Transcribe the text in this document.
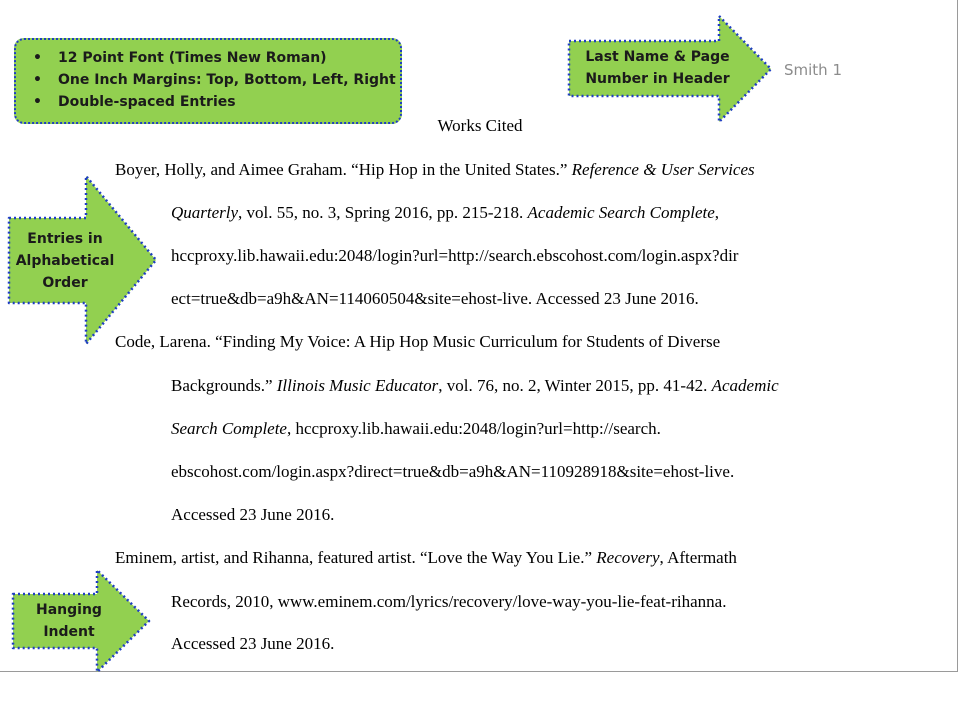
Smith 1
Works Cited
Boyer, Holly, and Aimee Graham. “Hip Hop in the United States.” Reference & User Services
Quarterly, vol. 55, no. 3, Spring 2016, pp. 215-218. Academic Search Complete,
hccproxy.lib.hawaii.edu:2048/login?url=http://search.ebscohost.com/login.aspx?dir
ect=true&db=a9h&AN=114060504&site=ehost-live. Accessed 23 June 2016.
Code, Larena. “Finding My Voice: A Hip Hop Music Curriculum for Students of Diverse
Backgrounds.” Illinois Music Educator, vol. 76, no. 2, Winter 2015, pp. 41-42. Academic
Search Complete, hccproxy.lib.hawaii.edu:2048/login?url=http://search.
ebscohost.com/login.aspx?direct=true&db=a9h&AN=110928918&site=ehost-live.
Accessed 23 June 2016.
Eminem, artist, and Rihanna, featured artist. “Love the Way You Lie.” Recovery, Aftermath
Records, 2010, www.eminem.com/lyrics/recovery/love-way-you-lie-feat-rihanna.
Accessed 23 June 2016.
• 12 Point Font (Times New Roman)
• One Inch Margins: Top, Bottom, Left, Right
• Double-spaced Entries
Last Name & Page
Number in Header
Entries in
Alphabetical
Order
Hanging
Indent
